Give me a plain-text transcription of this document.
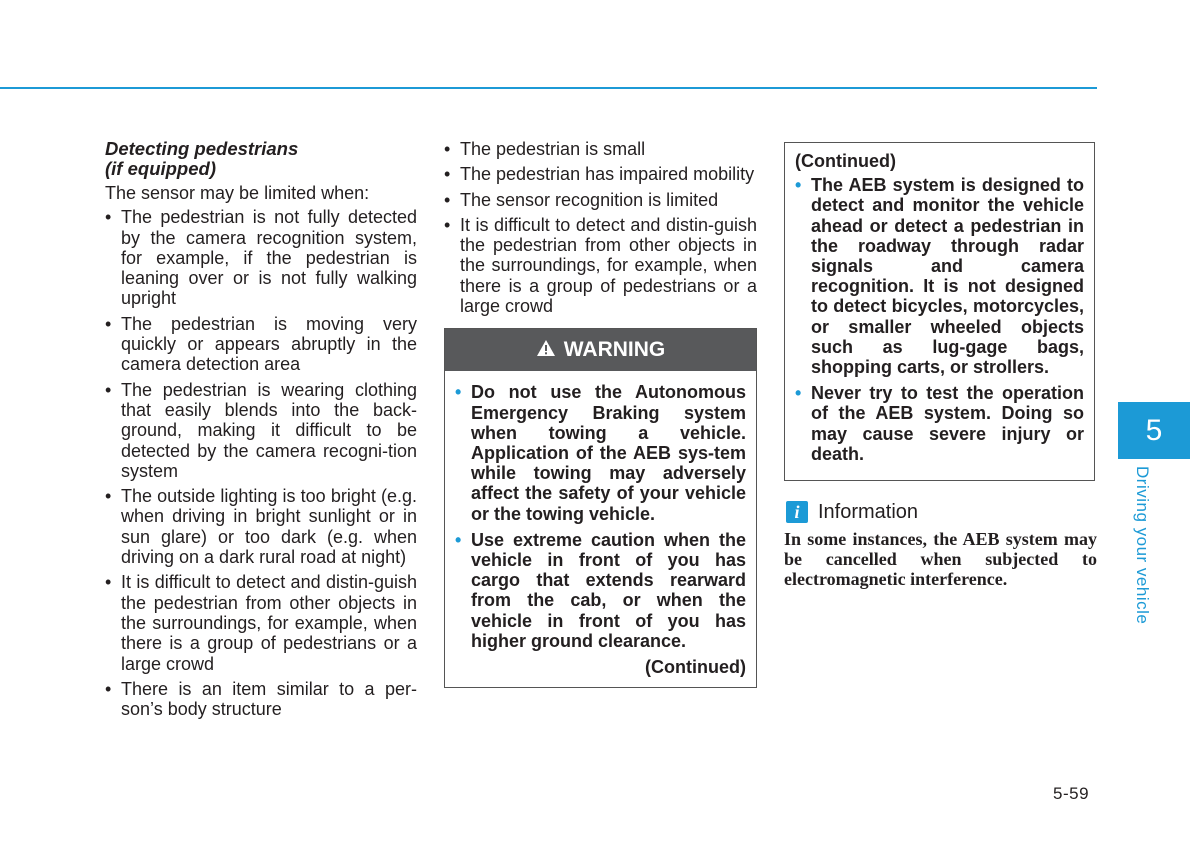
Detecting pedestrians
(if equipped)

The sensor may be limited when:

• The pedestrian is not fully detected by the camera recognition system, for example, if the pedestrian is leaning over or is not fully walking upright
• The pedestrian is moving very quickly or appears abruptly in the camera detection area
• The pedestrian is wearing clothing that easily blends into the back-ground, making it difficult to be detected by the camera recogni-tion system
• The outside lighting is too bright (e.g. when driving in bright sunlight or in sun glare) or too dark (e.g. when driving on a dark rural road at night)
• It is difficult to detect and distin-guish the pedestrian from other objects in the surroundings, for example, when there is a group of pedestrians or a large crowd
• There is an item similar to a per-son’s body structure
• The pedestrian is small
• The pedestrian has impaired mobility
• The sensor recognition is limited
• It is difficult to detect and distin-guish the pedestrian from other objects in the surroundings, for example, when there is a group of pedestrians or a large crowd
WARNING
• Do not use the Autonomous Emergency Braking system when towing a vehicle. Application of the AEB sys-tem while towing may adversely affect the safety of your vehicle or the towing vehicle.
• Use extreme caution when the vehicle in front of you has cargo that extends rearward from the cab, or when the vehicle in front of you has higher ground clearance.
(Continued)
(Continued)
• The AEB system is designed to detect and monitor the vehicle ahead or detect a pedestrian in the roadway through radar signals and camera recognition. It is not designed to detect bicycles, motorcycles, or smaller wheeled objects such as lug-gage bags, shopping carts, or strollers.
• Never try to test the operation of the AEB system. Doing so may cause severe injury or death.
i Information
In some instances, the AEB system may be cancelled when subjected to electromagnetic interference.
5
Driving your vehicle
5-59
